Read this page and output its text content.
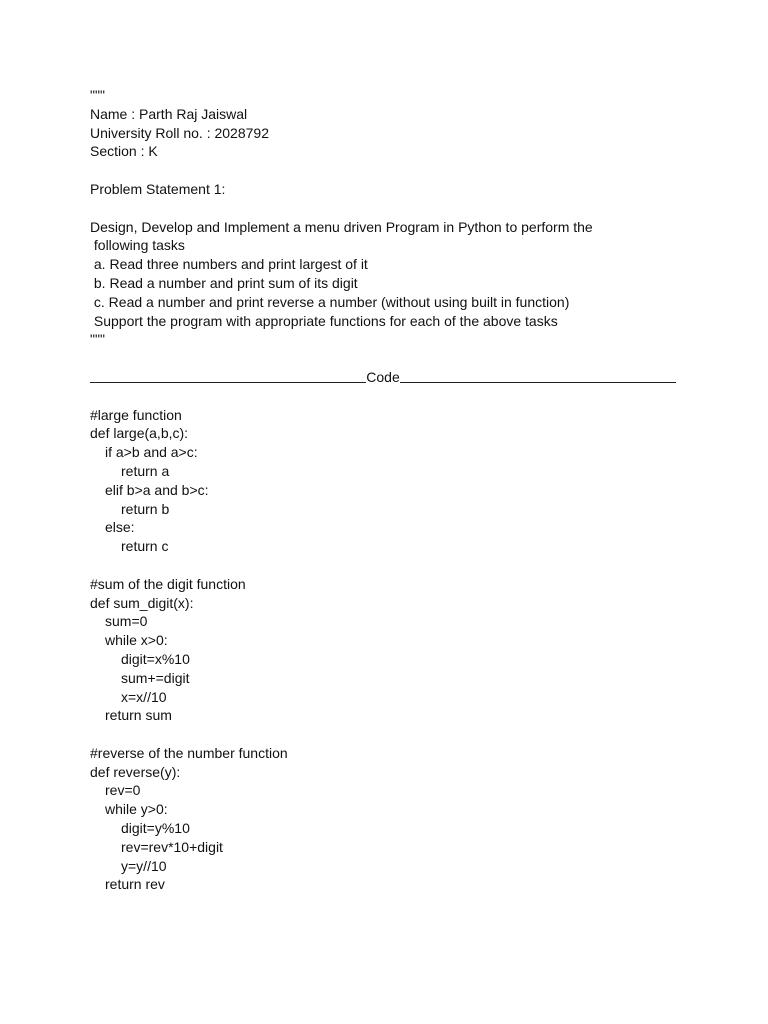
"""
Name : Parth Raj Jaiswal
University Roll no. : 2028792
Section : K
Problem Statement 1:
Design, Develop and Implement a menu driven Program in Python to perform the
following tasks
a. Read three numbers and print largest of it
b. Read a number and print sum of its digit
c. Read a number and print reverse a number (without using built in function)
Support the program with appropriate functions for each of the above tasks
"""
Code
#large function
def large(a,b,c):
if a>b and a>c:
return a
elif b>a and b>c:
return b
else:
return c
#sum of the digit function
def sum_digit(x):
sum=0
while x>0:
digit=x%10
sum+=digit
x=x//10
return sum
#reverse of the number function
def reverse(y):
rev=0
while y>0:
digit=y%10
rev=rev*10+digit
y=y//10
return rev
